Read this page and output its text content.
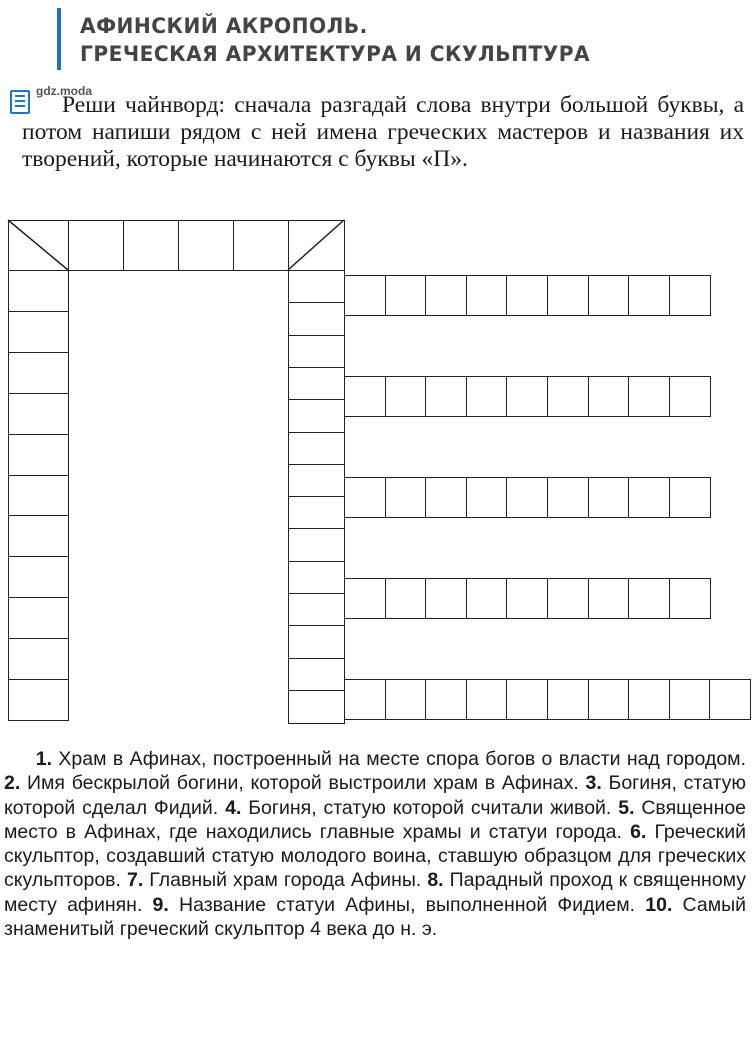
АФИНСКИЙ АКРОПОЛЬ.
ГРЕЧЕСКАЯ АРХИТЕКТУРА И СКУЛЬПТУРА
gdz.moda
Реши чайнворд: сначала разгадай слова внутри большой буквы, а потом напиши рядом с ней имена греческих мастеров и названия их творений, которые начинаются с буквы «П».
1. Храм в Афинах, построенный на месте спора богов о власти над городом. 2. Имя бескрылой богини, которой выстроили храм в Афинах. 3. Богиня, статую которой сделал Фидий. 4. Богиня, статую которой считали живой. 5. Священное место в Афинах, где находились главные храмы и статуи города. 6. Греческий скульптор, создавший статую молодого воина, ставшую образцом для греческих скульпторов. 7. Главный храм города Афины. 8. Парадный проход к священному месту афинян. 9. Название статуи Афины, выполненной Фидием. 10. Самый знаменитый греческий скульптор 4 века до н. э.
